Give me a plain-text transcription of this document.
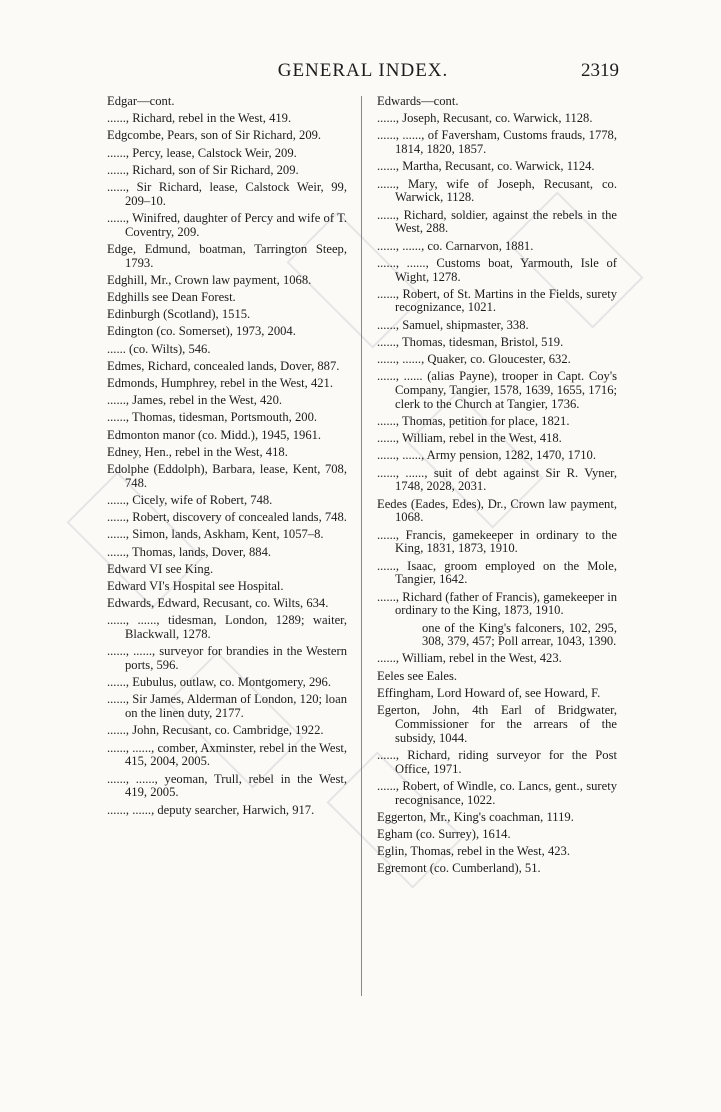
GENERAL INDEX.	2319
Edgar—cont.
......, Richard, rebel in the West, 419.
Edgcombe, Pears, son of Sir Richard, 209.
......, Percy, lease, Calstock Weir, 209.
......, Richard, son of Sir Richard, 209.
......, Sir Richard, lease, Calstock Weir, 99, 209–10.
......, Winifred, daughter of Percy and wife of T. Coventry, 209.
Edge, Edmund, boatman, Tarrington Steep, 1793.
Edghill, Mr., Crown law payment, 1068.
Edghills see Dean Forest.
Edinburgh (Scotland), 1515.
Edington (co. Somerset), 1973, 2004.
...... (co. Wilts), 546.
Edmes, Richard, concealed lands, Dover, 887.
Edmonds, Humphrey, rebel in the West, 421.
......, James, rebel in the West, 420.
......, Thomas, tidesman, Portsmouth, 200.
Edmonton manor (co. Midd.), 1945, 1961.
Edney, Hen., rebel in the West, 418.
Edolphe (Eddolph), Barbara, lease, Kent, 708, 748.
......, Cicely, wife of Robert, 748.
......, Robert, discovery of concealed lands, 748.
......, Simon, lands, Askham, Kent, 1057–8.
......, Thomas, lands, Dover, 884.
Edward VI see King.
Edward VI's Hospital see Hospital.
Edwards, Edward, Recusant, co. Wilts, 634.
......, ......, tidesman, London, 1289; waiter, Blackwall, 1278.
......, ......, surveyor for brandies in the Western ports, 596.
......, Eubulus, outlaw, co. Montgomery, 296.
......, Sir James, Alderman of London, 120; loan on the linen duty, 2177.
......, John, Recusant, co. Cambridge, 1922.
......, ......, comber, Axminster, rebel in the West, 415, 2004, 2005.
......, ......, yeoman, Trull, rebel in the West, 419, 2005.
......, ......, deputy searcher, Harwich, 917.
Edwards—cont.
......, Joseph, Recusant, co. Warwick, 1128.
......, ......, of Faversham, Customs frauds, 1778, 1814, 1820, 1857.
......, Martha, Recusant, co. Warwick, 1124.
......, Mary, wife of Joseph, Recusant, co. Warwick, 1128.
......, Richard, soldier, against the rebels in the West, 288.
......, ......, co. Carnarvon, 1881.
......, ......, Customs boat, Yarmouth, Isle of Wight, 1278.
......, Robert, of St. Martins in the Fields, surety recognizance, 1021.
......, Samuel, shipmaster, 338.
......, Thomas, tidesman, Bristol, 519.
......, ......, Quaker, co. Gloucester, 632.
......, ...... (alias Payne), trooper in Capt. Coy's Company, Tangier, 1578, 1639, 1655, 1716; clerk to the Church at Tangier, 1736.
......, Thomas, petition for place, 1821.
......, William, rebel in the West, 418.
......, ......, Army pension, 1282, 1470, 1710.
......, ......, suit of debt against Sir R. Vyner, 1748, 2028, 2031.
Eedes (Eades, Edes), Dr., Crown law payment, 1068.
......, Francis, gamekeeper in ordinary to the King, 1831, 1873, 1910.
......, Isaac, groom employed on the Mole, Tangier, 1642.
......, Richard (father of Francis), gamekeeper in ordinary to the King, 1873, 1910.
one of the King's falconers, 102, 295, 308, 379, 457; Poll arrear, 1043, 1390.
......, William, rebel in the West, 423.
Eeles see Eales.
Effingham, Lord Howard of, see Howard, F.
Egerton, John, 4th Earl of Bridgwater, Commissioner for the arrears of the subsidy, 1044.
......, Richard, riding surveyor for the Post Office, 1971.
......, Robert, of Windle, co. Lancs, gent., surety recognisance, 1022.
Eggerton, Mr., King's coachman, 1119.
Egham (co. Surrey), 1614.
Eglin, Thomas, rebel in the West, 423.
Egremont (co. Cumberland), 51.
